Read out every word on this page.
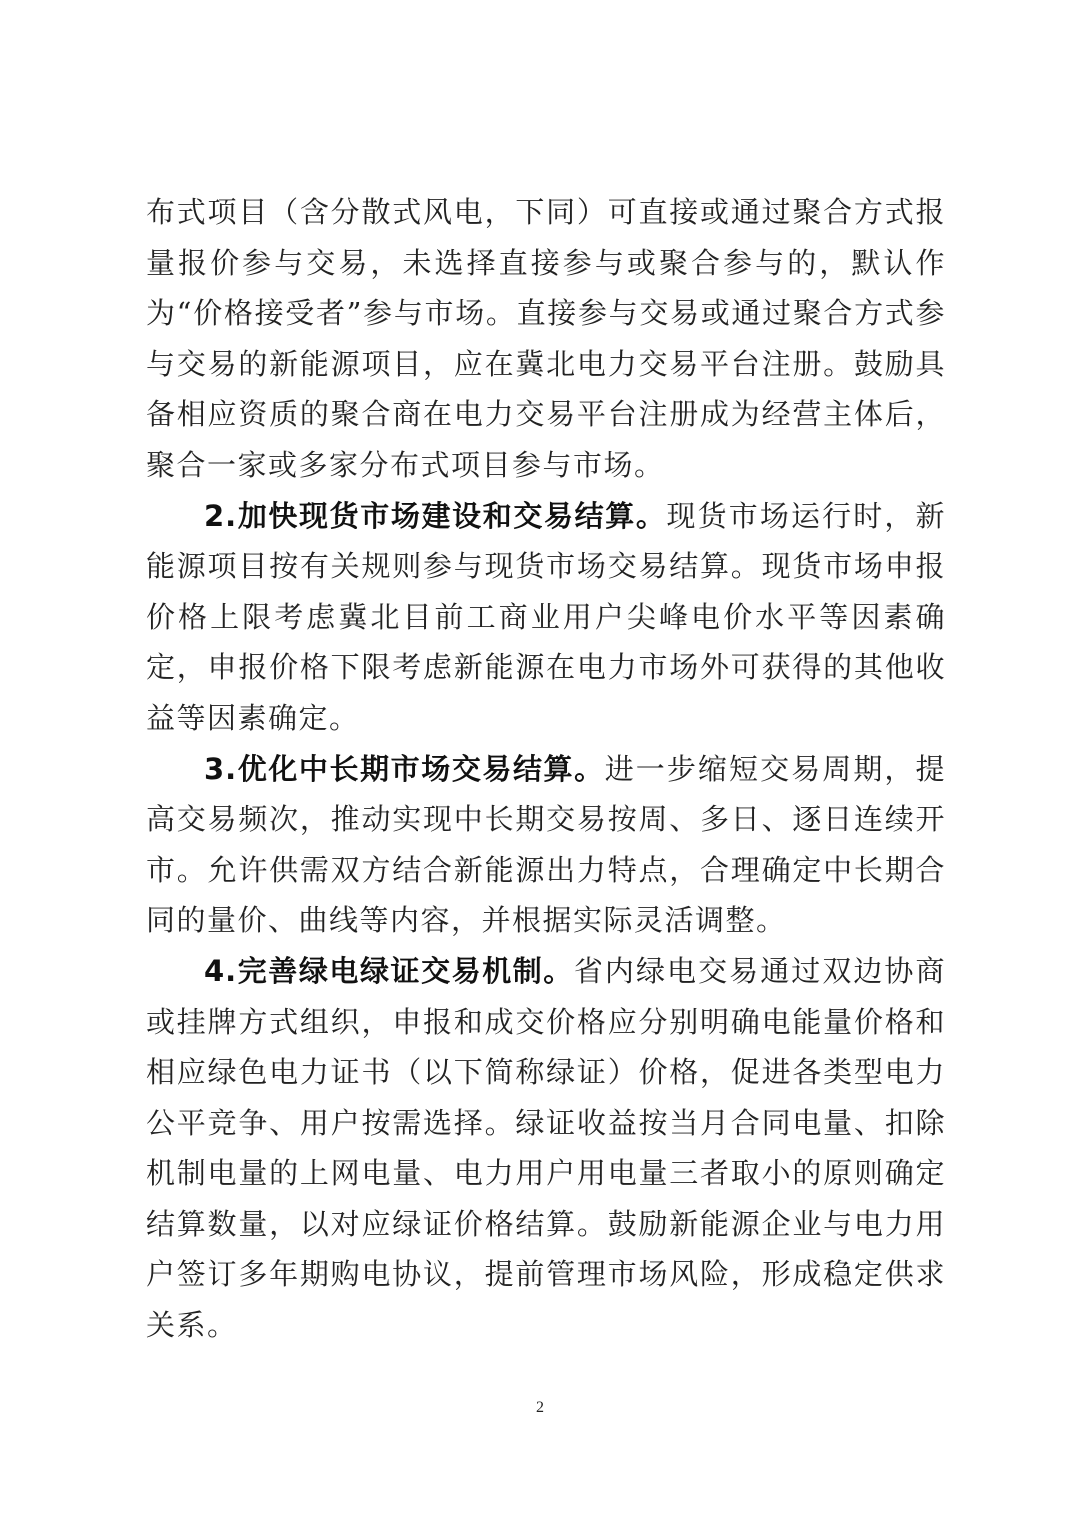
布式项目（含分散式风电，下同）可直接或通过聚合方式报量报价参与交易，未选择直接参与或聚合参与的，默认作为“价格接受者”参与市场。直接参与交易或通过聚合方式参与交易的新能源项目，应在冀北电力交易平台注册。鼓励具备相应资质的聚合商在电力交易平台注册成为经营主体后，聚合一家或多家分布式项目参与市场。

2.加快现货市场建设和交易结算。现货市场运行时，新能源项目按有关规则参与现货市场交易结算。现货市场申报价格上限考虑冀北目前工商业用户尖峰电价水平等因素确定，申报价格下限考虑新能源在电力市场外可获得的其他收益等因素确定。

3.优化中长期市场交易结算。进一步缩短交易周期，提高交易频次，推动实现中长期交易按周、多日、逐日连续开市。允许供需双方结合新能源出力特点，合理确定中长期合同的量价、曲线等内容，并根据实际灵活调整。

4.完善绿电绿证交易机制。省内绿电交易通过双边协商或挂牌方式组织，申报和成交价格应分别明确电能量价格和相应绿色电力证书（以下简称绿证）价格，促进各类型电力公平竞争、用户按需选择。绿证收益按当月合同电量、扣除机制电量的上网电量、电力用户用电量三者取小的原则确定结算数量，以对应绿证价格结算。鼓励新能源企业与电力用户签订多年期购电协议，提前管理市场风险，形成稳定供求关系。

2
